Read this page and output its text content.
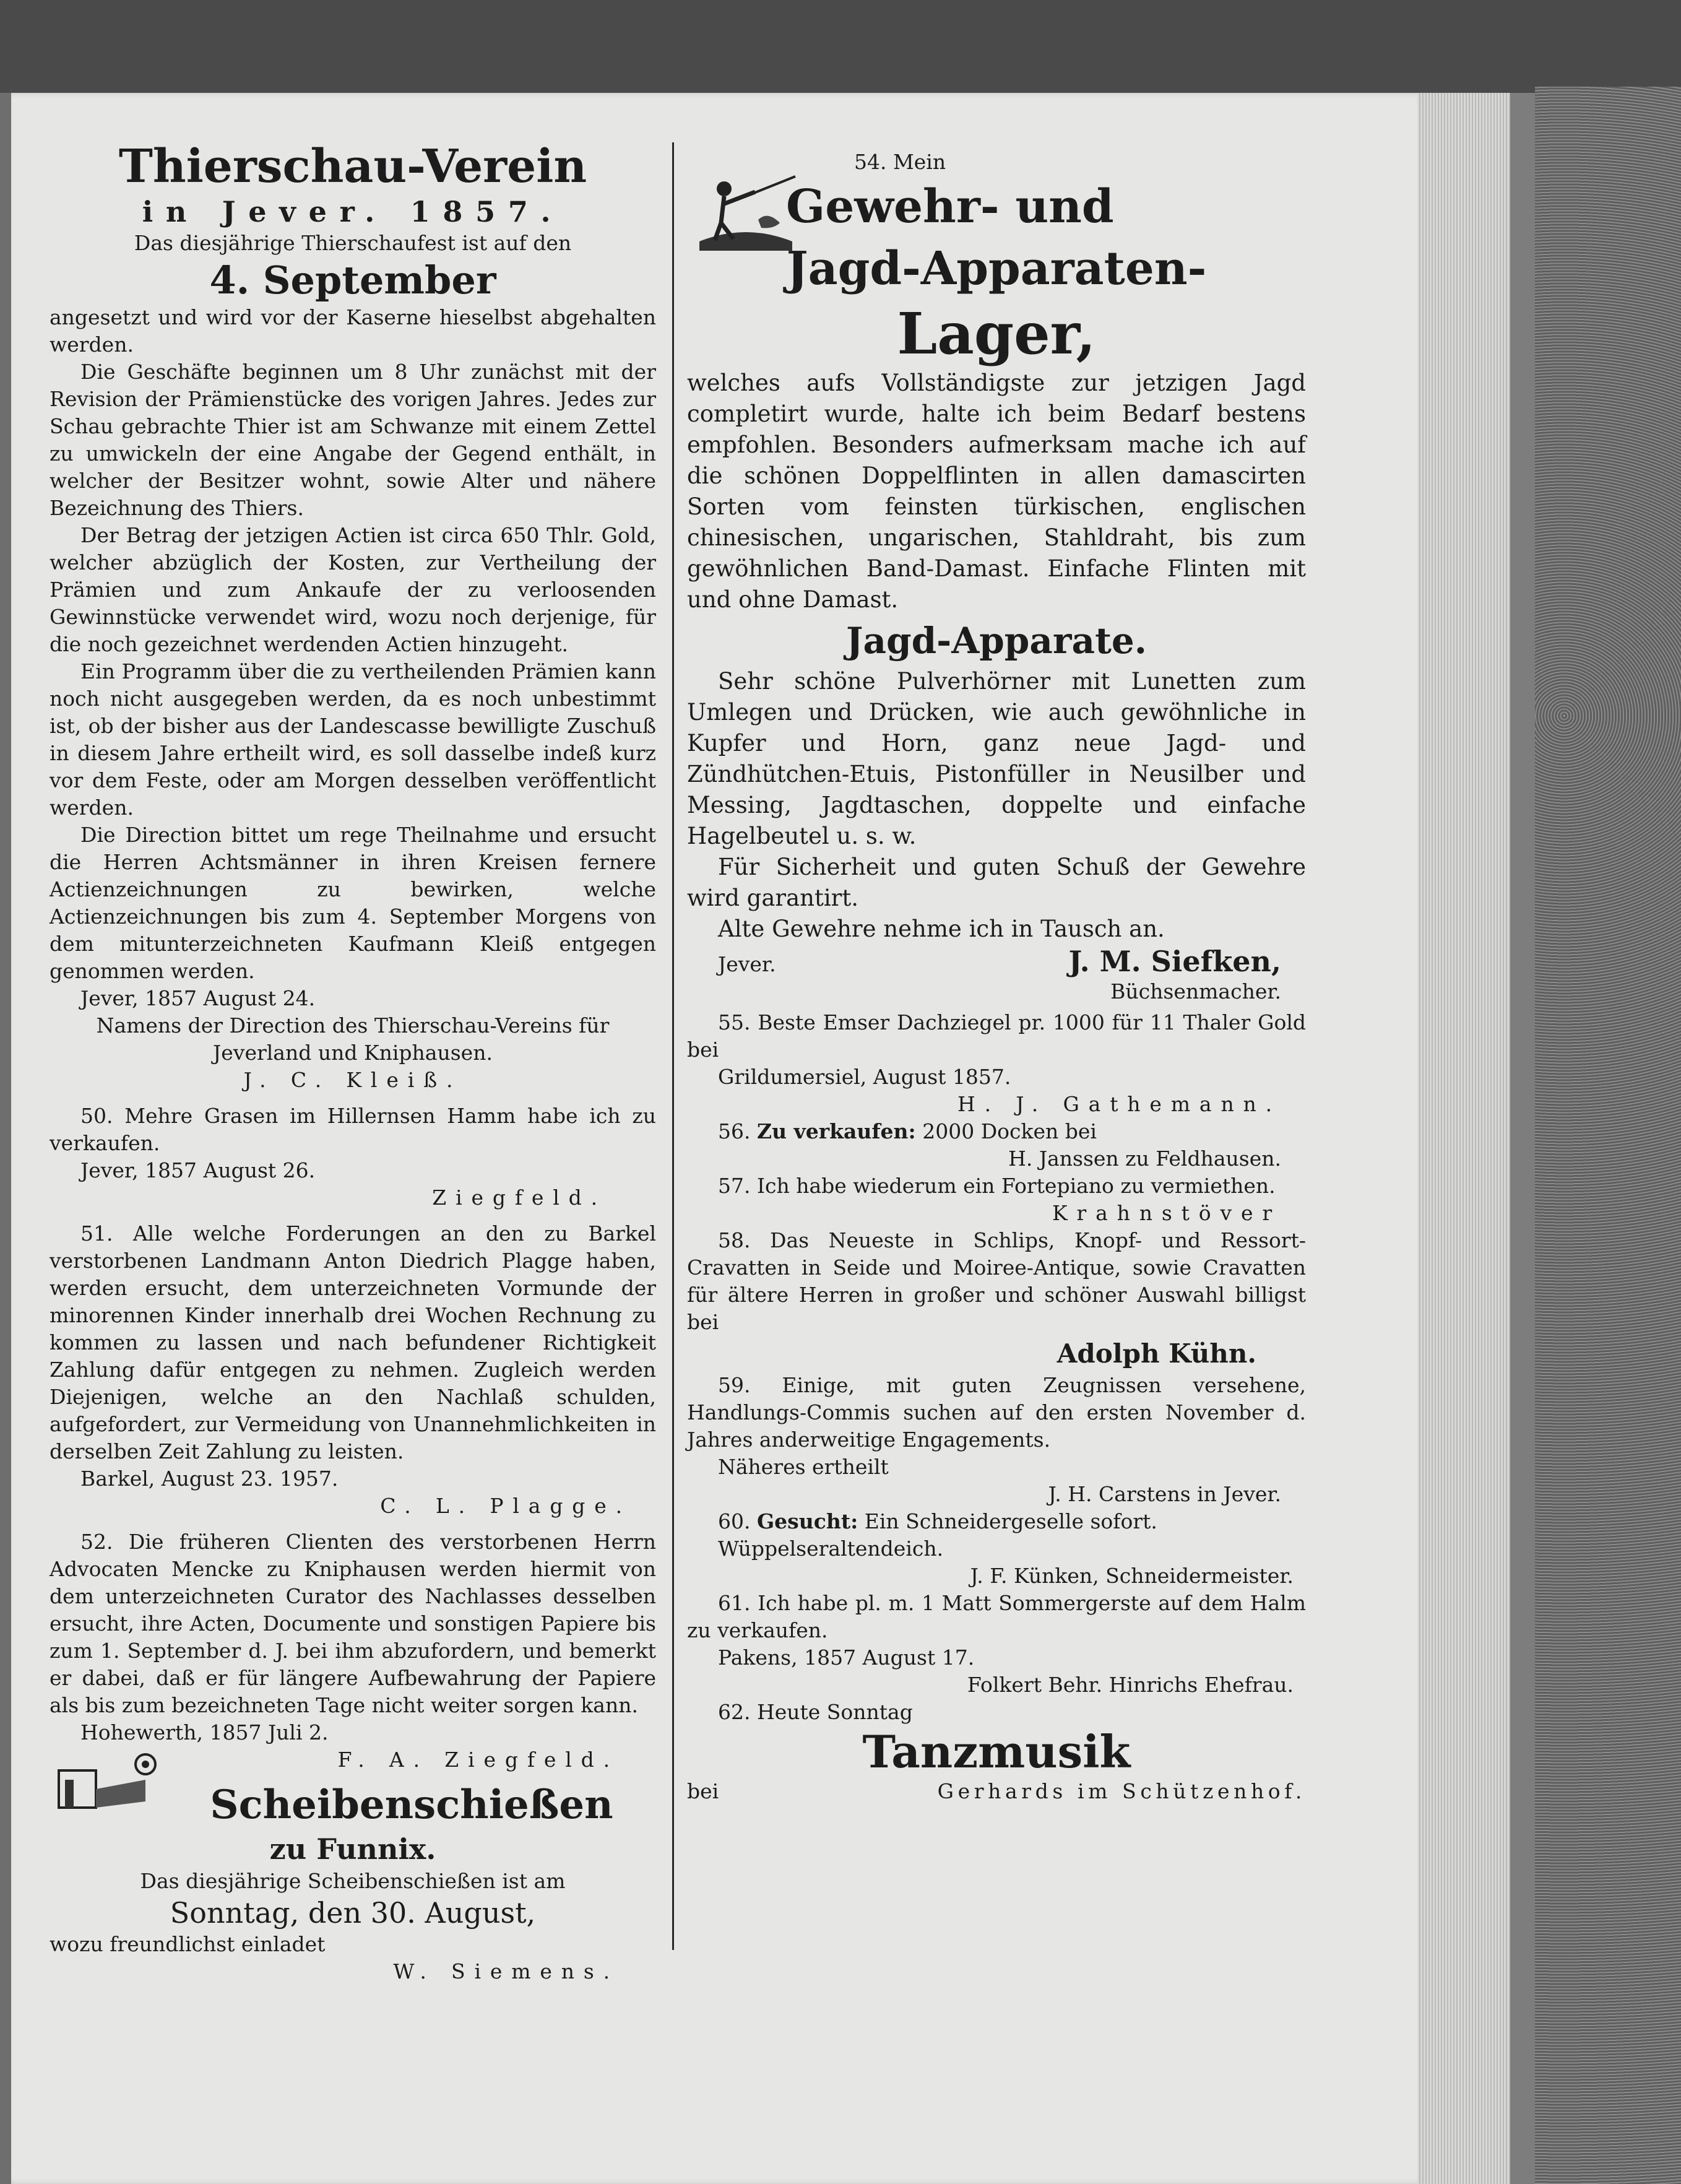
Thierschau-Verein

in Jever. 1857.

Das diesjährige Thierschaufest ist auf den

4. September

angesetzt und wird vor der Kaserne hieselbst abgehalten werden.

Die Geschäfte beginnen um 8 Uhr zunächst mit der Revision der Prämienstücke des vorigen Jahres. Jedes zur Schau gebrachte Thier ist am Schwanze mit einem Zettel zu umwickeln der eine Angabe der Gegend enthält, in welcher der Besitzer wohnt, sowie Alter und nähere Bezeichnung des Thiers.

Der Betrag der jetzigen Actien ist circa 650 Thlr. Gold, welcher abzüglich der Kosten, zur Vertheilung der Prämien und zum Ankaufe der zu verloosenden Gewinnstücke verwendet wird, wozu noch derjenige, für die noch gezeichnet werdenden Actien hinzugeht.

Ein Programm über die zu vertheilenden Prämien kann noch nicht ausgegeben werden, da es noch unbestimmt ist, ob der bisher aus der Landescasse bewilligte Zuschuß in diesem Jahre ertheilt wird, es soll dasselbe indeß kurz vor dem Feste, oder am Morgen desselben veröffentlicht werden.

Die Direction bittet um rege Theilnahme und ersucht die Herren Achtsmänner in ihren Kreisen fernere Actienzeichnungen zu bewirken, welche Actienzeichnungen bis zum 4. September Morgens von dem mitunterzeichneten Kaufmann Kleiß entgegen genommen werden.

Jever, 1857 August 24.

Namens der Direction des Thierschau-Vereins für

Jeverland und Kniphausen.

J. C. Kleiß.

50. Mehre Grasen im Hillernsen Hamm habe ich zu verkaufen.

Jever, 1857 August 26.

Ziegfeld.

51. Alle welche Forderungen an den zu Barkel verstorbenen Landmann Anton Diedrich Plagge haben, werden ersucht, dem unterzeichneten Vormunde der minorennen Kinder innerhalb drei Wochen Rechnung zu kommen zu lassen und nach befundener Richtigkeit Zahlung dafür entgegen zu nehmen. Zugleich werden Diejenigen, welche an den Nachlaß schulden, aufgefordert, zur Vermeidung von Unannehmlichkeiten in derselben Zeit Zahlung zu leisten.

Barkel, August 23. 1957.

C. L. Plagge.

52. Die früheren Clienten des verstorbenen Herrn Advocaten Mencke zu Kniphausen werden hiermit von dem unterzeichneten Curator des Nachlasses desselben ersucht, ihre Acten, Documente und sonstigen Papiere bis zum 1. September d. J. bei ihm abzufordern, und bemerkt er dabei, daß er für längere Aufbewahrung der Papiere als bis zum bezeichneten Tage nicht weiter sorgen kann.

Hohewerth, 1857 Juli 2.

F. A. Ziegfeld.

Scheibenschießen

zu Funnix.

Das diesjährige Scheibenschießen ist am

Sonntag, den 30. August,

wozu freundlichst einladet

W. Siemens.

54. Mein

Gewehr- und
Jagd-Apparaten-
Lager,

welches aufs Vollständigste zur jetzigen Jagd completirt wurde, halte ich beim Bedarf bestens empfohlen. Besonders aufmerksam mache ich auf die schönen Doppelflinten in allen damascirten Sorten vom feinsten türkischen, englischen chinesischen, ungarischen, Stahldraht, bis zum gewöhnlichen Band-Damast. Einfache Flinten mit und ohne Damast.

Jagd-Apparate.

Sehr schöne Pulverhörner mit Lunetten zum Umlegen und Drücken, wie auch gewöhnliche in Kupfer und Horn, ganz neue Jagd- und Zündhütchen-Etuis, Pistonfüller in Neusilber und Messing, Jagdtaschen, doppelte und einfache Hagelbeutel u. s. w.

Für Sicherheit und guten Schuß der Gewehre wird garantirt.

Alte Gewehre nehme ich in Tausch an.

Jever.	J. M. Siefken,

Büchsenmacher.

55. Beste Emser Dachziegel pr. 1000 für 11 Thaler Gold bei

Grildumersiel, August 1857.

H. J. Gathemann.

56. Zu verkaufen: 2000 Docken bei

H. Janssen zu Feldhausen.

57. Ich habe wiederum ein Fortepiano zu vermiethen.

Krahnstöver

58. Das Neueste in Schlips, Knopf- und Ressort-Cravatten in Seide und Moiree-Antique, sowie Cravatten für ältere Herren in großer und schöner Auswahl billigst bei

Adolph Kühn.

59. Einige, mit guten Zeugnissen versehene, Handlungs-Commis suchen auf den ersten November d. Jahres anderweitige Engagements.

Näheres ertheilt

J. H. Carstens in Jever.

60. Gesucht: Ein Schneidergeselle sofort.

Wüppelseraltendeich.

J. F. Künken, Schneidermeister.

61. Ich habe pl. m. 1 Matt Sommergerste auf dem Halm zu verkaufen.

Pakens, 1857 August 17.

Folkert Behr. Hinrichs Ehefrau.

62. Heute Sonntag

Tanzmusik
bei	Gerhards im Schützenhof.
